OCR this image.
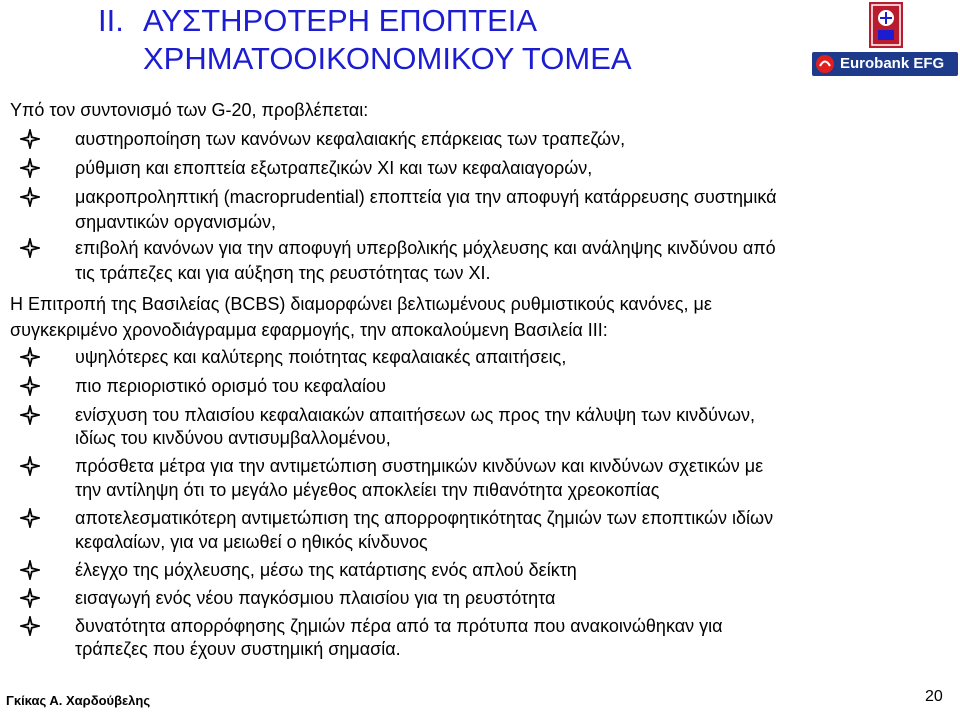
ΙΙ. ΑΥΣΤΗΡΟΤΕΡΗ ΕΠΟΠΤΕΙΑ
ΧΡΗΜΑΤΟΟΙΚΟΝΟΜΙΚΟΥ ΤΟΜΕΑ	Eurobank EFG
Υπό τον συντονισμό των G-20, προβλέπεται:
αυστηροποίηση των κανόνων κεφαλαιακής επάρκειας των τραπεζών,
ρύθμιση και εποπτεία εξωτραπεζικών ΧΙ και των κεφαλαιαγορών,
μακροπροληπτική (macroprudential) εποπτεία για την αποφυγή κατάρρευσης συστημικά
σημαντικών οργανισμών,
επιβολή κανόνων για την αποφυγή υπερβολικής μόχλευσης και ανάληψης κινδύνου από
τις τράπεζες και για αύξηση της ρευστότητας των ΧΙ.
Η Επιτροπή της Βασιλείας (BCBS) διαμορφώνει βελτιωμένους ρυθμιστικούς κανόνες, με
συγκεκριμένο χρονοδιάγραμμα εφαρμογής, την αποκαλούμενη Βασιλεία ΙΙΙ:
υψηλότερες και καλύτερης ποιότητας κεφαλαιακές απαιτήσεις,
πιο περιοριστικό ορισμό του κεφαλαίου
ενίσχυση του πλαισίου κεφαλαιακών απαιτήσεων ως προς την κάλυψη των κινδύνων,
ιδίως του κινδύνου αντισυμβαλλομένου,
πρόσθετα μέτρα για την αντιμετώπιση συστημικών κινδύνων και κινδύνων σχετικών με
την αντίληψη ότι το μεγάλο μέγεθος αποκλείει την πιθανότητα χρεοκοπίας
αποτελεσματικότερη αντιμετώπιση της απορροφητικότητας ζημιών των εποπτικών ιδίων
κεφαλαίων, για να μειωθεί ο ηθικός κίνδυνος
έλεγχο της μόχλευσης, μέσω της κατάρτισης ενός απλού δείκτη
εισαγωγή ενός νέου παγκόσμιου πλαισίου για τη ρευστότητα
δυνατότητα απορρόφησης ζημιών πέρα από τα πρότυπα που ανακοινώθηκαν για
τράπεζες που έχουν συστημική σημασία.
Γκίκας Α. Χαρδούβελης	20
